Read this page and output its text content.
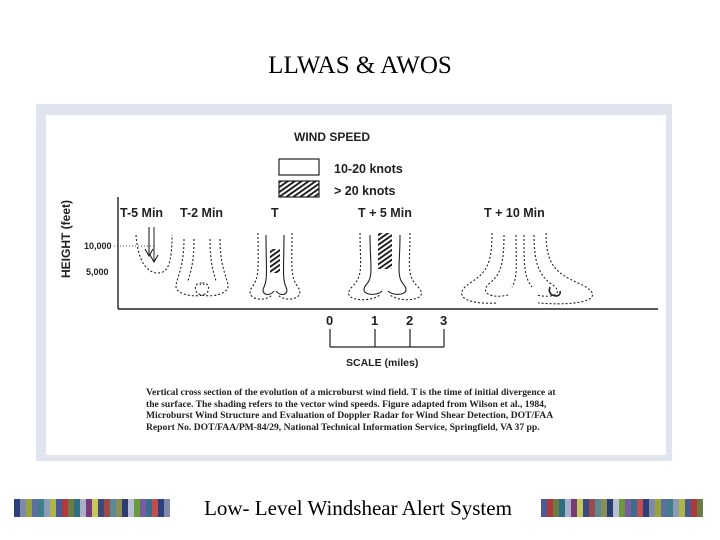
LLWAS & AWOS
WIND SPEED
10-20 knots
> 20 knots
HEIGHT (feet) 10,000
5,000
T-5 Min T-2 Min	T	T + 5 Min	T + 10 Min
0	1 2 3
SCALE (miles)
Vertical cross section of the evolution of a microburst wind field. T is the time of initial divergence at
the surface. The shading refers to the vector wind speeds. Figure adapted from Wilson et al., 1984,
Microburst Wind Structure and Evaluation of Doppler Radar for Wind Shear Detection, DOT/FAA
Report No. DOT/FAA/PM-84/29, National Technical Information Service, Springfield, VA 37 pp.
Low- Level Windshear Alert System
